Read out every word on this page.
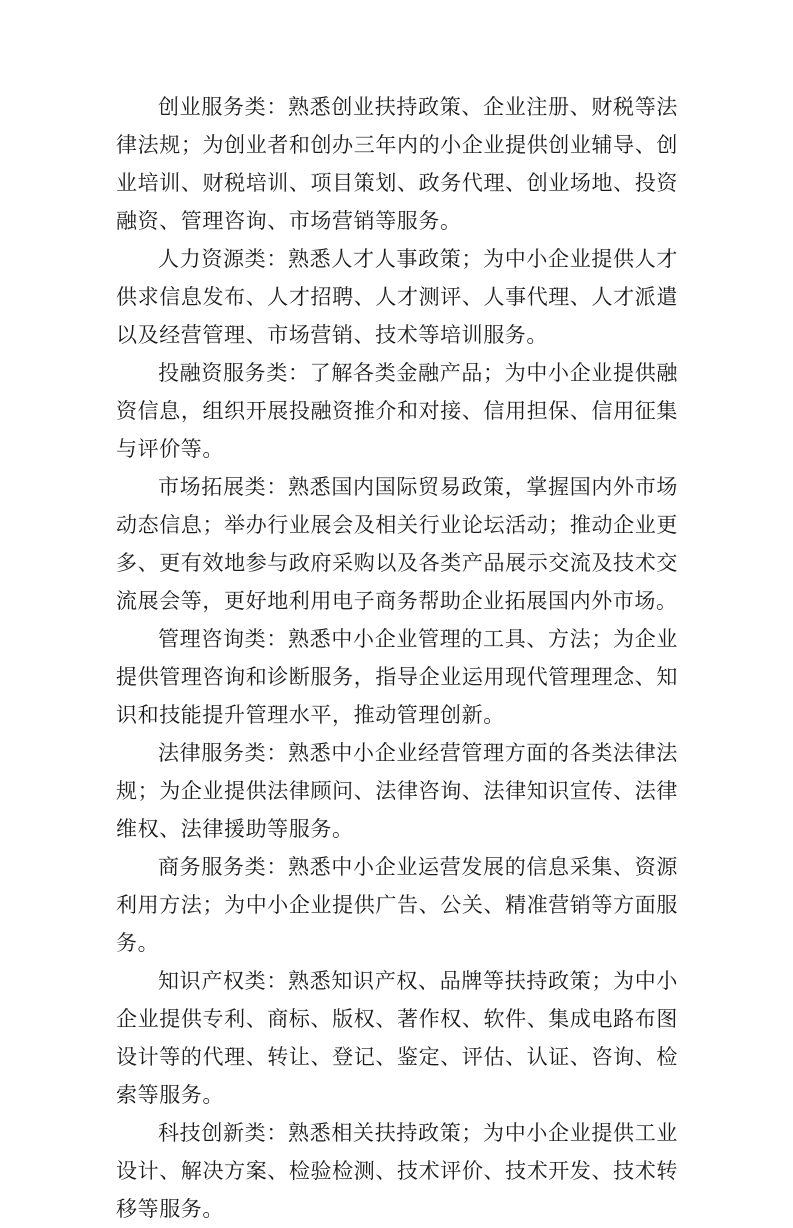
创业服务类：熟悉创业扶持政策、企业注册、财税等法律法规；为创业者和创办三年内的小企业提供创业辅导、创业培训、财税培训、项目策划、政务代理、创业场地、投资融资、管理咨询、市场营销等服务。

人力资源类：熟悉人才人事政策；为中小企业提供人才供求信息发布、人才招聘、人才测评、人事代理、人才派遣以及经营管理、市场营销、技术等培训服务。

投融资服务类：了解各类金融产品；为中小企业提供融资信息，组织开展投融资推介和对接、信用担保、信用征集与评价等。

市场拓展类：熟悉国内国际贸易政策，掌握国内外市场动态信息；举办行业展会及相关行业论坛活动；推动企业更多、更有效地参与政府采购以及各类产品展示交流及技术交流展会等，更好地利用电子商务帮助企业拓展国内外市场。

管理咨询类：熟悉中小企业管理的工具、方法；为企业提供管理咨询和诊断服务，指导企业运用现代管理理念、知识和技能提升管理水平，推动管理创新。

法律服务类：熟悉中小企业经营管理方面的各类法律法规；为企业提供法律顾问、法律咨询、法律知识宣传、法律维权、法律援助等服务。

商务服务类：熟悉中小企业运营发展的信息采集、资源利用方法；为中小企业提供广告、公关、精准营销等方面服务。

知识产权类：熟悉知识产权、品牌等扶持政策；为中小企业提供专利、商标、版权、著作权、软件、集成电路布图设计等的代理、转让、登记、鉴定、评估、认证、咨询、检索等服务。

科技创新类：熟悉相关扶持政策；为中小企业提供工业设计、解决方案、检验检测、技术评价、技术开发、技术转移等服务。
